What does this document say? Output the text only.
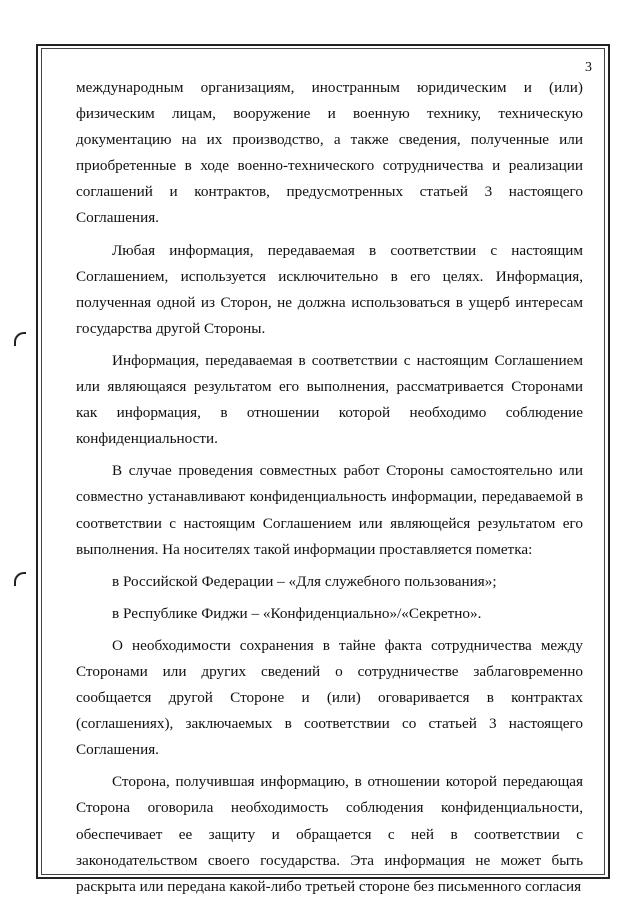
3

международным организациям, иностранным юридическим и (или) физическим лицам, вооружение и военную технику, техническую документацию на их производство, а также сведения, полученные или приобретенные в ходе военно-технического сотрудничества и реализации соглашений и контрактов, предусмотренных статьей 3 настоящего Соглашения.

Любая информация, передаваемая в соответствии с настоящим Соглашением, используется исключительно в его целях. Информация, полученная одной из Сторон, не должна использоваться в ущерб интересам государства другой Стороны.

Информация, передаваемая в соответствии с настоящим Соглашением или являющаяся результатом его выполнения, рассматривается Сторонами как информация, в отношении которой необходимо соблюдение конфиденциальности.

В случае проведения совместных работ Стороны самостоятельно или совместно устанавливают конфиденциальность информации, передаваемой в соответствии с настоящим Соглашением или являющейся результатом его выполнения. На носителях такой информации проставляется пометка:

в Российской Федерации – «Для служебного пользования»;

в Республике Фиджи – «Конфиденциально»/«Секретно».

О необходимости сохранения в тайне факта сотрудничества между Сторонами или других сведений о сотрудничестве заблаговременно сообщается другой Стороне и (или) оговаривается в контрактах (соглашениях), заключаемых в соответствии со статьей 3 настоящего Соглашения.

Сторона, получившая информацию, в отношении которой передающая Сторона оговорила необходимость соблюдения конфиденциальности, обеспечивает ее защиту и обращается с ней в соответствии с законодательством своего государства. Эта информация не может быть раскрыта или передана какой-либо третьей стороне без письменного согласия
